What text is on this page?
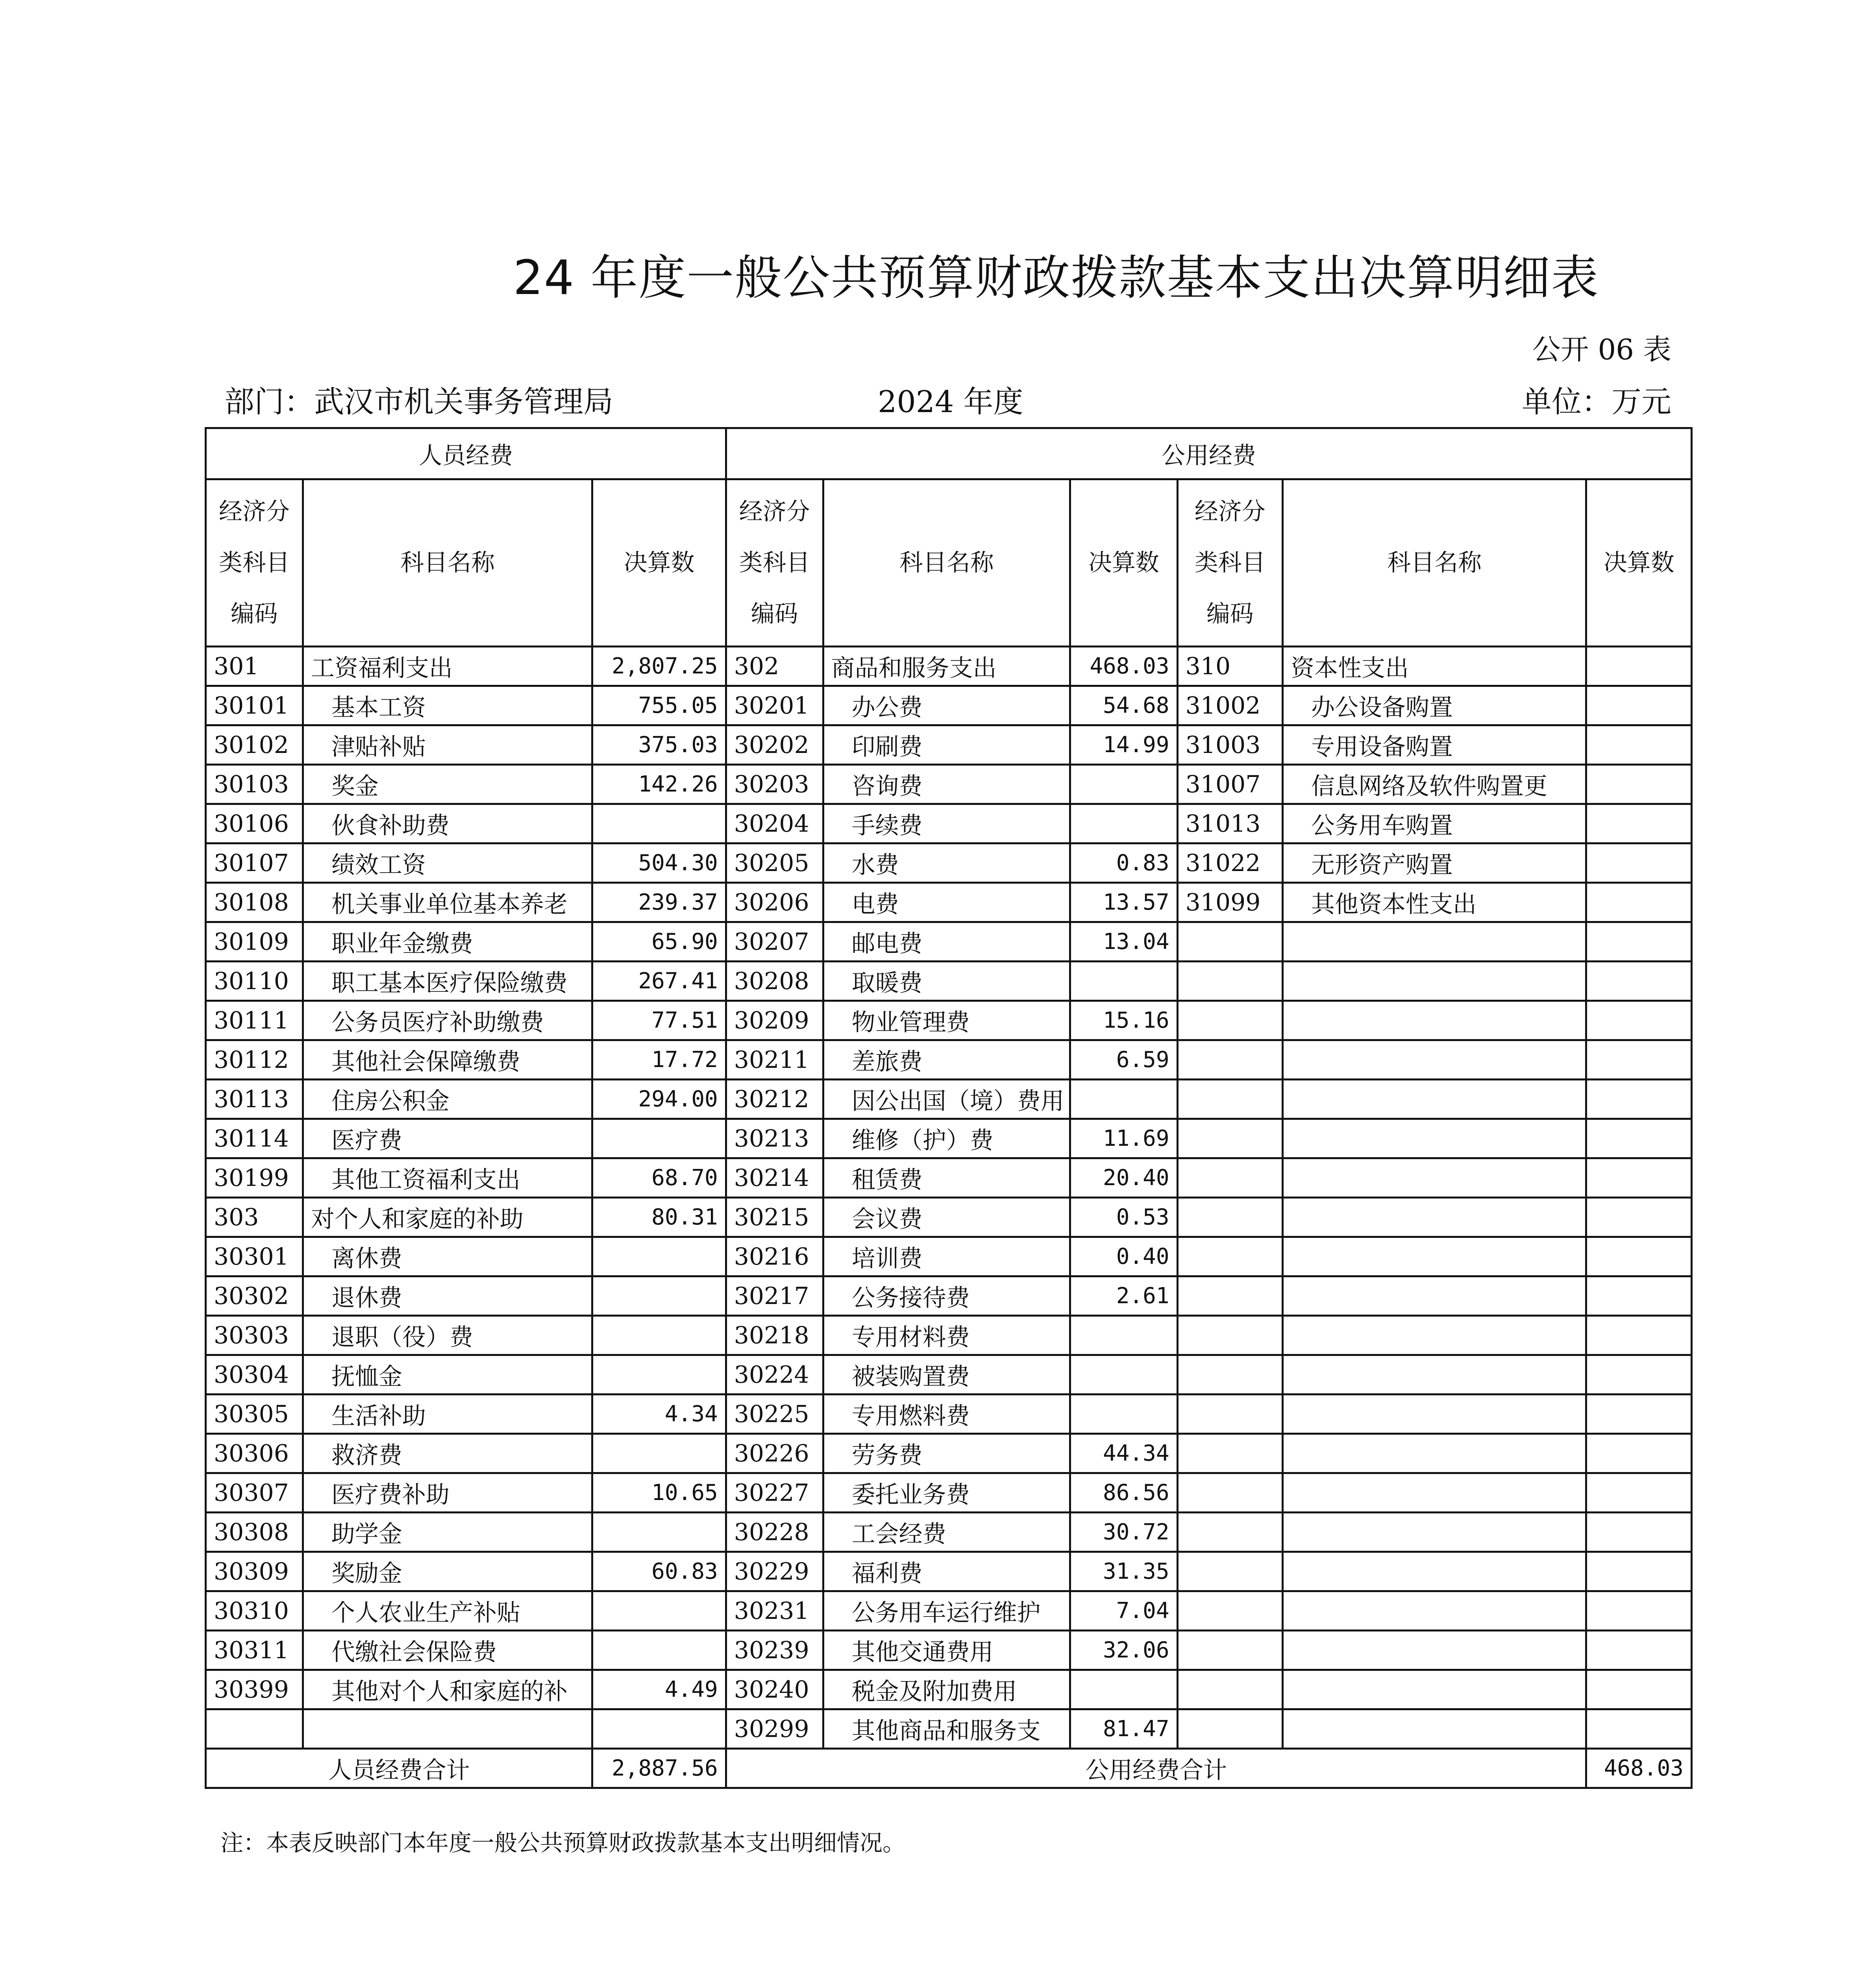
24 年度一般公共预算财政拨款基本支出决算明细表
公开 06 表
部门：武汉市机关事务管理局	2024 年度	单位：万元
人员经费			公用经费					
经济分类科目编码	科目名称	决算数	经济分类科目编码	科目名称	决算数	经济分类科目编码	科目名称	决算数
301	工资福利支出	2,807.25	302	商品和服务支出	468.03	310	资本性支出	
30101	基本工资	755.05	30201	办公费	54.68	31002	办公设备购置	
30102	津贴补贴	375.03	30202	印刷费	14.99	31003	专用设备购置	
30103	奖金	142.26	30203	咨询费		31007	信息网络及软件购置更	
30106	伙食补助费		30204	手续费		31013	公务用车购置	
30107	绩效工资	504.30	30205	水费	0.83	31022	无形资产购置	
30108	机关事业单位基本养老	239.37	30206	电费	13.57	31099	其他资本性支出	
30109	职业年金缴费	65.90	30207	邮电费	13.04			
30110	职工基本医疗保险缴费	267.41	30208	取暖费				
30111	公务员医疗补助缴费	77.51	30209	物业管理费	15.16			
30112	其他社会保障缴费	17.72	30211	差旅费	6.59			
30113	住房公积金	294.00	30212	因公出国（境）费用				
30114	医疗费		30213	维修（护）费	11.69			
30199	其他工资福利支出	68.70	30214	租赁费	20.40			
303	对个人和家庭的补助	80.31	30215	会议费	0.53			
30301	离休费		30216	培训费	0.40			
30302	退休费		30217	公务接待费	2.61			
30303	退职（役）费		30218	专用材料费				
30304	抚恤金		30224	被装购置费				
30305	生活补助	4.34	30225	专用燃料费				
30306	救济费		30226	劳务费	44.34			
30307	医疗费补助	10.65	30227	委托业务费	86.56			
30308	助学金		30228	工会经费	30.72			
30309	奖励金	60.83	30229	福利费	31.35			
30310	个人农业生产补贴		30231	公务用车运行维护	7.04			
30311	代缴社会保险费		30239	其他交通费用	32.06			
30399	其他对个人和家庭的补	4.49	30240	税金及附加费用				
			30299	其他商品和服务支	81.47			
人员经费合计		2,887.56	公用经费合计					468.03
注：本表反映部门本年度一般公共预算财政拨款基本支出明细情况。
